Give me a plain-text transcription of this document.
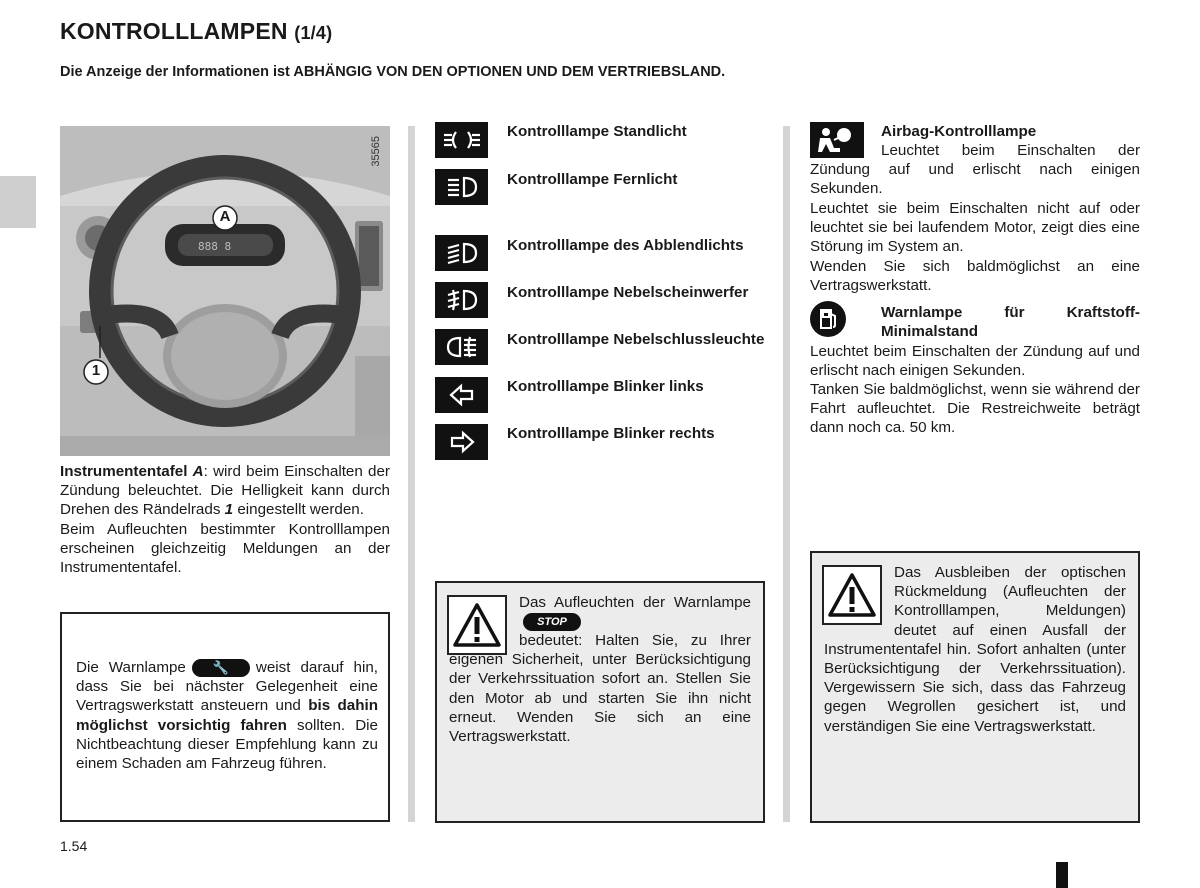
KONTROLLLAMPEN (1/4)
Die Anzeige der Informationen ist ABHÄNGIG VON DEN OPTIONEN UND DEM VERTRIEBSLAND.
888 8
A
1
35565
Instrumententafel A: wird beim Einschalten der Zündung beleuchtet. Die Helligkeit kann durch Drehen des Rändelrads 1 eingestellt werden.
Beim Aufleuchten bestimmter Kontrolllampen erscheinen gleichzeitig Meldungen an der Instrumententafel.
Die Warnlampe	🔧	weist darauf hin, dass Sie bei nächster Gelegenheit eine Vertragswerkstatt ansteuern und bis dahin möglichst vorsichtig fahren sollten. Die Nichtbeachtung dieser Empfehlung kann zu einem Schaden am Fahrzeug führen.
Kontrolllampe Standlicht
Kontrolllampe Fernlicht
Kontrolllampe des Abblendlichts
Kontrolllampe Nebelscheinwerfer
Kontrolllampe Nebelschlussleuchte
Kontrolllampe Blinker links
Kontrolllampe Blinker rechts
Das Aufleuchten der Warnlampe STOP
bedeutet: Halten Sie, zu Ihrer eigenen Sicherheit, unter Berücksichtigung der Verkehrssituation sofort an. Stellen Sie den Motor ab und starten Sie ihn nicht erneut. Wenden Sie sich an eine Vertragswerkstatt.
Airbag-Kontrolllampe
Leuchtet beim Einschalten der Zündung auf und erlischt nach einigen Sekunden.
Leuchtet sie beim Einschalten nicht auf oder leuchtet sie bei laufendem Motor, zeigt dies eine Störung im System an.
Wenden Sie sich baldmöglichst an eine Vertragswerkstatt.
Warnlampe für Kraftstoff-Minimalstand
Leuchtet beim Einschalten der Zündung auf und erlischt nach einigen Sekunden.
Tanken Sie baldmöglichst, wenn sie während der Fahrt aufleuchtet. Die Restreichweite beträgt dann noch ca. 50 km.
Das Ausbleiben der optischen Rückmeldung (Aufleuchten der Kontrolllampen, Meldungen) deutet auf einen Ausfall der Instrumententafel hin. Sofort anhalten (unter Berücksichtigung der Verkehrssituation). Vergewissern Sie sich, dass das Fahrzeug gegen Wegrollen gesichert ist, und verständigen Sie eine Vertragswerkstatt.
1.54
